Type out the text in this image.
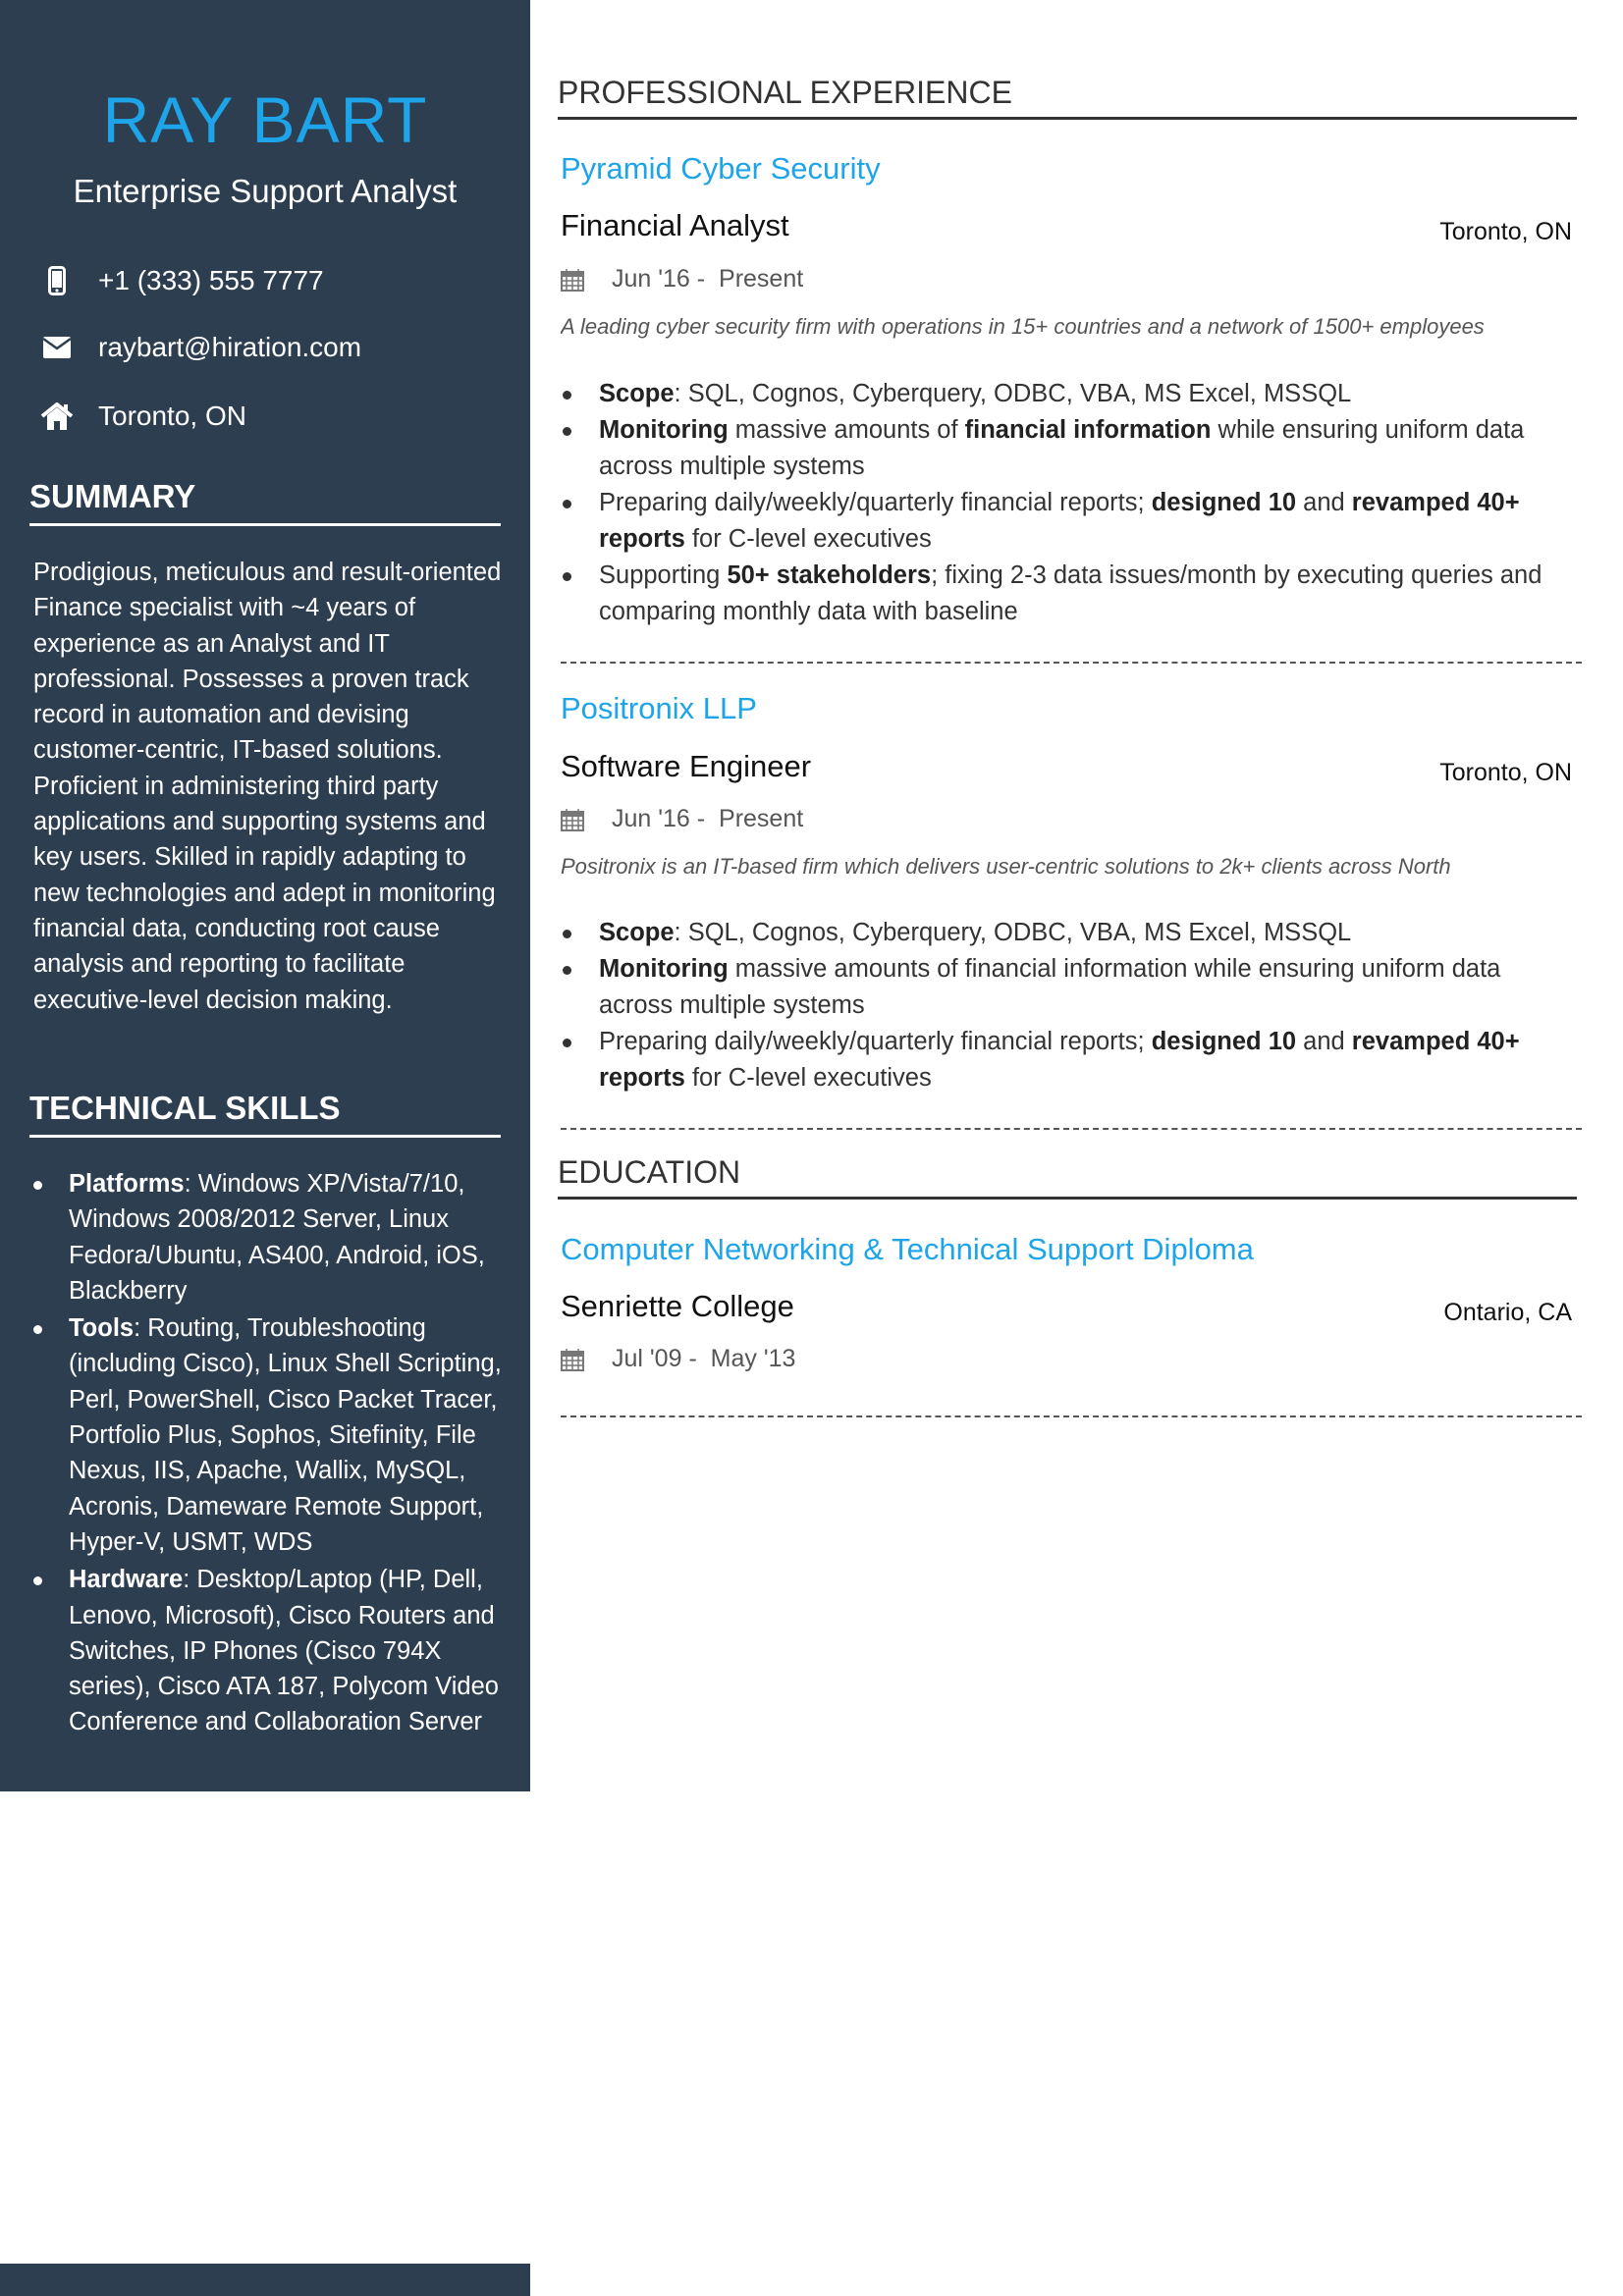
RAY BART
Enterprise Support Analyst
+1 (333) 555 7777
raybart@hiration.com
Toronto, ON
SUMMARY
Prodigious, meticulous and result-oriented Finance specialist with ~4 years of experience as an Analyst and IT professional. Possesses a proven track record in automation and devising customer-centric, IT-based solutions. Proficient in administering third party applications and supporting systems and key users. Skilled in rapidly adapting to new technologies and adept in monitoring financial data, conducting root cause analysis and reporting to facilitate executive-level decision making.
TECHNICAL SKILLS
Platforms: Windows XP/Vista/7/10, Windows 2008/2012 Server, Linux Fedora/Ubuntu, AS400, Android, iOS, Blackberry
Tools: Routing, Troubleshooting (including Cisco), Linux Shell Scripting, Perl, PowerShell, Cisco Packet Tracer, Portfolio Plus, Sophos, Sitefinity, File Nexus, IIS, Apache, Wallix, MySQL, Acronis, Dameware Remote Support, Hyper-V, USMT, WDS
Hardware: Desktop/Laptop (HP, Dell, Lenovo, Microsoft), Cisco Routers and Switches, IP Phones (Cisco 794X series), Cisco ATA 187, Polycom Video Conference and Collaboration Server
PROFESSIONAL EXPERIENCE
Pyramid Cyber Security
Financial Analyst	Toronto, ON
Jun '16
-
Present
A leading cyber security firm with operations in 15+ countries and a network of 1500+ employees
Scope: SQL, Cognos, Cyberquery, ODBC, VBA, MS Excel, MSSQL
Monitoring massive amounts of financial information while ensuring uniform data across multiple systems
Preparing daily/weekly/quarterly financial reports; designed 10 and revamped 40+ reports for C-level executives
Supporting 50+ stakeholders; fixing 2-3 data issues/month by executing queries and comparing monthly data with baseline
Positronix LLP
Software Engineer	Toronto, ON
Jun '16
-
Present
Positronix is an IT-based firm which delivers user-centric solutions to 2k+ clients across North
Scope: SQL, Cognos, Cyberquery, ODBC, VBA, MS Excel, MSSQL
Monitoring massive amounts of financial information while ensuring uniform data across multiple systems
Preparing daily/weekly/quarterly financial reports; designed 10 and revamped 40+ reports for C-level executives
EDUCATION
Computer Networking & Technical Support Diploma
Senriette College	Ontario, CA
Jul '09
-
May '13
